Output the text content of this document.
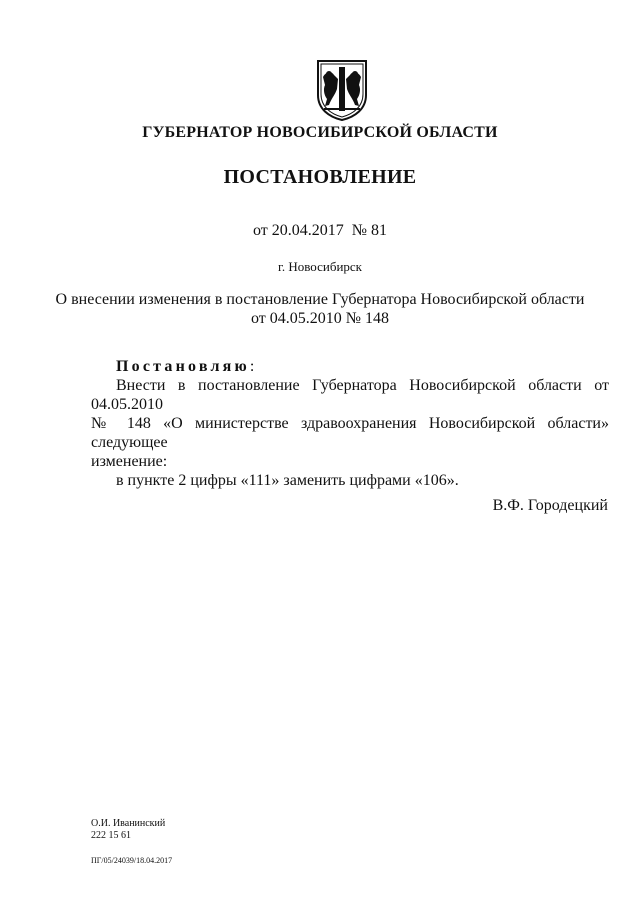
ГУБЕРНАТОР НОВОСИБИРСКОЙ ОБЛАСТИ
ПОСТАНОВЛЕНИЕ
от 20.04.2017  № 81
г. Новосибирск
О внесении изменения в постановление Губернатора Новосибирской области
от 04.05.2010 № 148
Постановляю:
Внести в постановление Губернатора Новосибирской области от 04.05.2010
№ 148 «О министерстве здравоохранения Новосибирской области» следующее
изменение:
в пункте 2 цифры «111» заменить цифрами «106».
В.Ф. Городецкий
О.И. Иванинский
222 15 61
ПГ/05/24039/18.04.2017
